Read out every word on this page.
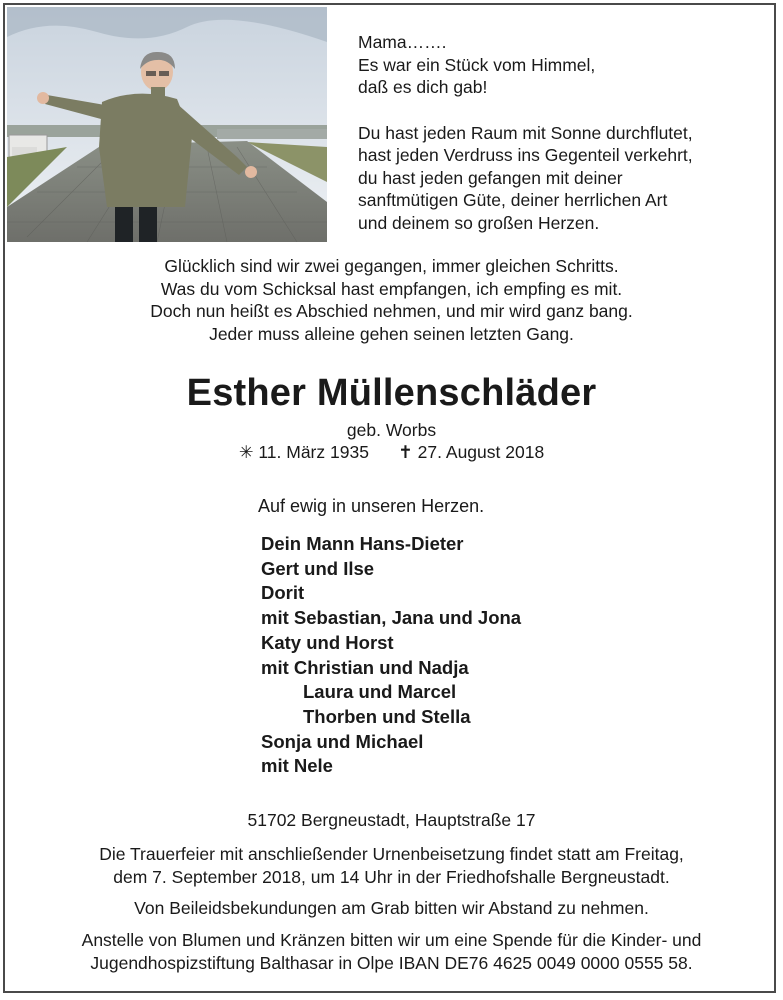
Mama…….

Es war ein Stück vom Himmel,

daß es dich gab!

Du hast jeden Raum mit Sonne durchflutet,

hast jeden Verdruss ins Gegenteil verkehrt,

du hast jeden gefangen mit deiner

sanftmütigen Güte, deiner herrlichen Art

und deinem so großen Herzen.

Glücklich sind wir zwei gegangen, immer gleichen Schritts.

Was du vom Schicksal hast empfangen, ich empfing es mit.

Doch nun heißt es Abschied nehmen, und mir wird ganz bang.

Jeder muss alleine gehen seinen letzten Gang.

Esther Müllenschläder
geb. Worbs
✳ 11. März 1935 ✝ 27. August 2018
Auf ewig in unseren Herzen.

Dein Mann Hans-Dieter

Gert und Ilse

Dorit

mit Sebastian, Jana und Jona

Katy und Horst

mit Christian und Nadja

Laura und Marcel

Thorben und Stella

Sonja und Michael

mit Nele

51702 Bergneustadt, Hauptstraße 17

Die Trauerfeier mit anschließender Urnenbeisetzung findet statt am Freitag,

dem 7. September 2018, um 14 Uhr in der Friedhofshalle Bergneustadt.

Von Beileidsbekundungen am Grab bitten wir Abstand zu nehmen.

Anstelle von Blumen und Kränzen bitten wir um eine Spende für die Kinder- und

Jugendhospizstiftung Balthasar in Olpe IBAN DE76 4625 0049 0000 0555 58.
